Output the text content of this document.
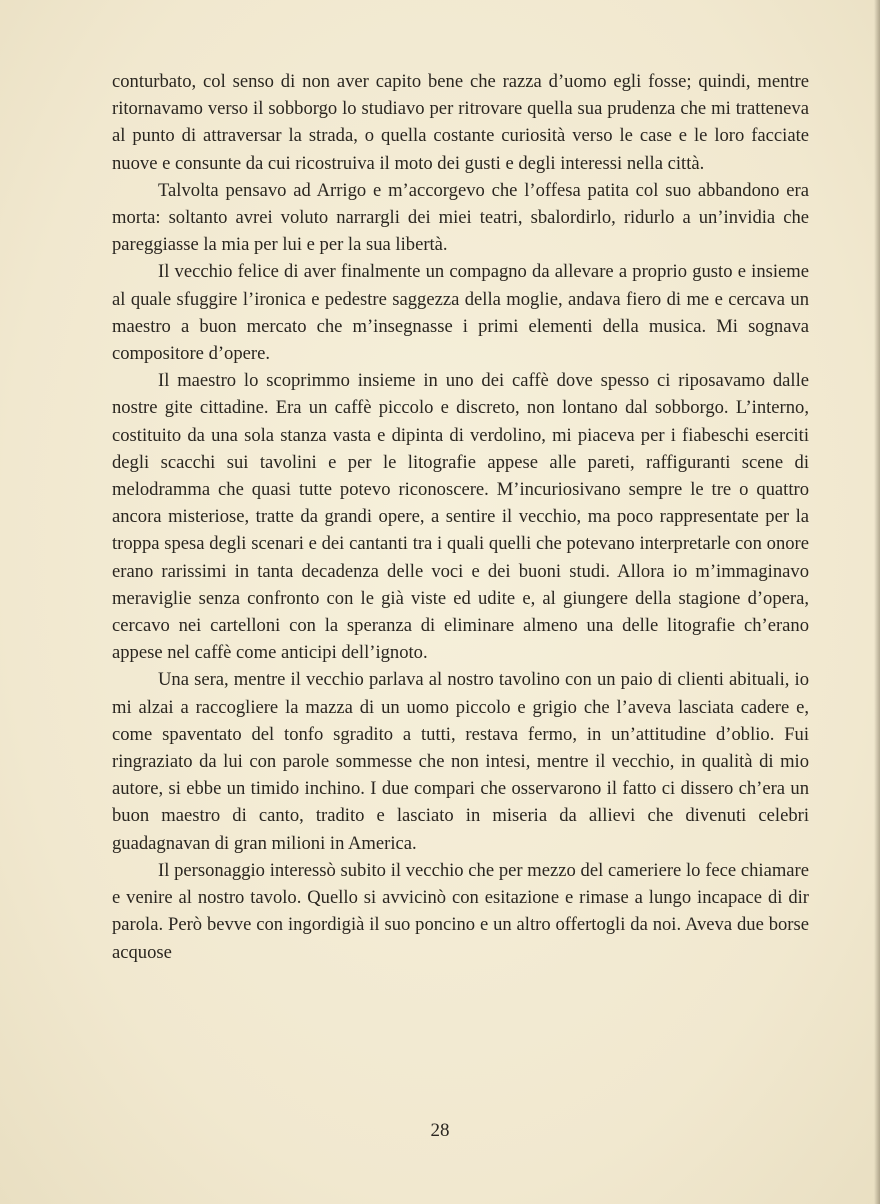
conturbato, col senso di non aver capito bene che razza d’uomo egli fosse; quindi, mentre ritornavamo verso il sobborgo lo studiavo per ritrovare quella sua prudenza che mi tratteneva al punto di attraversar la strada, o quella costante curiosità verso le case e le loro facciate nuove e consunte da cui ricostruiva il moto dei gusti e degli interessi nella città.

Talvolta pensavo ad Arrigo e m’accorgevo che l’offesa patita col suo abbandono era morta: soltanto avrei voluto narrargli dei miei teatri, sbalordirlo, ridurlo a un’invidia che pareggiasse la mia per lui e per la sua libertà.

Il vecchio felice di aver finalmente un compagno da allevare a proprio gusto e insieme al quale sfuggire l’ironica e pedestre saggezza della moglie, andava fiero di me e cercava un maestro a buon mercato che m’insegnasse i primi elementi della musica. Mi sognava compositore d’opere.

Il maestro lo scoprimmo insieme in uno dei caffè dove spesso ci riposavamo dalle nostre gite cittadine. Era un caffè piccolo e discreto, non lontano dal sobborgo. L’interno, costituito da una sola stanza vasta e dipinta di verdolino, mi piaceva per i fiabeschi eserciti degli scacchi sui tavolini e per le litografie appese alle pareti, raffiguranti scene di melodramma che quasi tutte potevo riconoscere. M’incuriosivano sempre le tre o quattro ancora misteriose, tratte da grandi opere, a sentire il vecchio, ma poco rappresentate per la troppa spesa degli scenari e dei cantanti tra i quali quelli che potevano interpretarle con onore erano rarissimi in tanta decadenza delle voci e dei buoni studi. Allora io m’immaginavo meraviglie senza confronto con le già viste ed udite e, al giungere della stagione d’opera, cercavo nei cartelloni con la speranza di eliminare almeno una delle litografie ch’erano appese nel caffè come anticipi dell’ignoto.

Una sera, mentre il vecchio parlava al nostro tavolino con un paio di clienti abituali, io mi alzai a raccogliere la mazza di un uomo piccolo e grigio che l’aveva lasciata cadere e, come spaventato del tonfo sgradito a tutti, restava fermo, in un’attitudine d’oblio. Fui ringraziato da lui con parole sommesse che non intesi, mentre il vecchio, in qualità di mio autore, si ebbe un timido inchino. I due compari che osservarono il fatto ci dissero ch’era un buon maestro di canto, tradito e lasciato in miseria da allievi che divenuti celebri guadagnavan di gran milioni in America.

Il personaggio interessò subito il vecchio che per mezzo del cameriere lo fece chiamare e venire al nostro tavolo. Quello si avvicinò con esitazione e rimase a lungo incapace di dir parola. Però bevve con ingordigià il suo poncino e un altro offertogli da noi. Aveva due borse acquose

28
